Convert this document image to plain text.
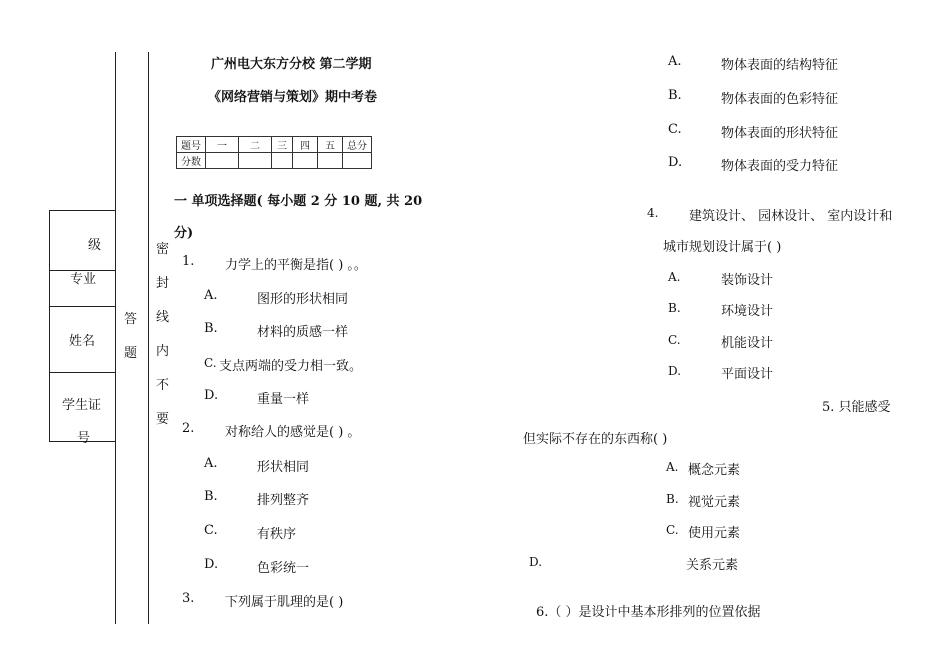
级
专业
姓名
学生证
号
答
题
密
封
线
内
不
要
广州电大东方分校 第二学期
《网络营销与策划》期中考卷
题号	一	二	三	四	五	总分
分数						
一 单项选择题( 每小题 2 分 10 题, 共 20
分)
1. 力学上的平衡是指( ) 。。
A.	图形的形状相同
B.	材料的质感一样
C. 支点两端的受力相一致。
D.	重量一样
2. 对称给人的感觉是( ) 。
A.	形状相同
B.	排列整齐
C.	有秩序
D.	色彩统一
3. 下列属于肌理的是( )
A.	物体表面的结构特征
B.	物体表面的色彩特征
C.	物体表面的形状特征
D.	物体表面的受力特征
4. 建筑设计、 园林设计、 室内设计和
城市规划设计属于( )
A.	装饰设计
B.	环境设计
C.	机能设计
D.	平面设计
5. 只能感受
但实际不存在的东西称( )
A. 概念元素
B. 视觉元素
C. 使用元素
D.	关系元素
6.（ ）是设计中基本形排列的位置依据
